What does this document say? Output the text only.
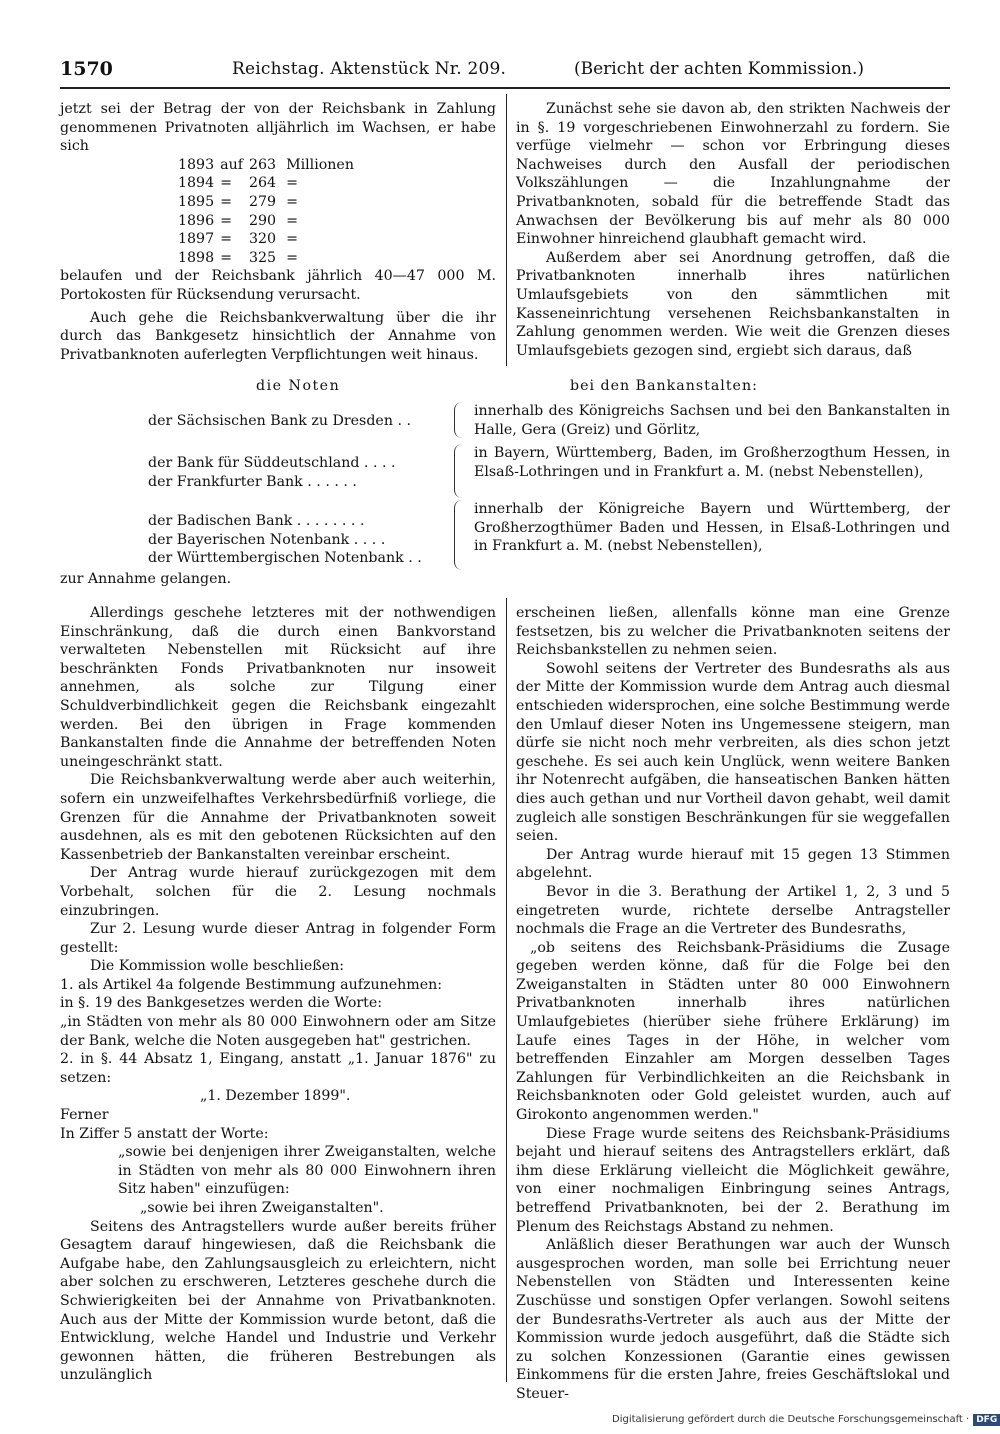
1570	Reichstag. Aktenstück Nr. 209.	(Bericht der achten Kommission.)

jetzt sei der Betrag der von der Reichsbank in Zahlung genommenen Privatnoten alljährlich im Wachsen, er habe sich

1893	auf	263	Millionen
1894	=	264	=
1895	=	279	=
1896	=	290	=
1897	=	320	=
1898	=	325	=

belaufen und der Reichsbank jährlich 40—47 000 M. Portokosten für Rücksendung verursacht.

Auch gehe die Reichsbankverwaltung über die ihr durch das Bankgesetz hinsichtlich der Annahme von Privatbanknoten auferlegten Verpflichtungen weit hinaus.

Zunächst sehe sie davon ab, den strikten Nachweis der in §. 19 vorgeschriebenen Einwohnerzahl zu fordern. Sie verfüge vielmehr — schon vor Erbringung dieses Nachweises durch den Ausfall der periodischen Volkszählungen — die Inzahlungnahme der Privatbanknoten, sobald für die betreffende Stadt das Anwachsen der Bevölkerung bis auf mehr als 80 000 Einwohner hinreichend glaubhaft gemacht wird.

Außerdem aber sei Anordnung getroffen, daß die Privatbanknoten innerhalb ihres natürlichen Umlaufsgebiets von den sämmtlichen mit Kasseneinrichtung versehenen Reichsbankanstalten in Zahlung genommen werden. Wie weit die Grenzen dieses Umlaufsgebiets gezogen sind, ergiebt sich daraus, daß

die Noten	bei den Bankanstalten:
der Sächsischen Bank zu Dresden . .

innerhalb des Königreichs Sachsen und bei den Bankanstalten in Halle, Gera (Greiz) und Görlitz,

der Bank für Süddeutschland . . . .
der Frankfurter Bank . . . . . .

in Bayern, Württemberg, Baden, im Großherzogthum Hessen, in Elsaß-Lothringen und in Frankfurt a. M. (nebst Nebenstellen),

der Badischen Bank . . . . . . . .
der Bayerischen Notenbank . . . .
der Württembergischen Notenbank . .

innerhalb der Königreiche Bayern und Württemberg, der Großherzogthümer Baden und Hessen, in Elsaß-Lothringen und in Frankfurt a. M. (nebst Nebenstellen),

zur Annahme gelangen.

Allerdings geschehe letzteres mit der nothwendigen Einschränkung, daß die durch einen Bankvorstand verwalteten Nebenstellen mit Rücksicht auf ihre beschränkten Fonds Privatbanknoten nur insoweit annehmen, als solche zur Tilgung einer Schuldverbindlichkeit gegen die Reichsbank eingezahlt werden. Bei den übrigen in Frage kommenden Bankanstalten finde die Annahme der betreffenden Noten uneingeschränkt statt.

Die Reichsbankverwaltung werde aber auch weiterhin, sofern ein unzweifelhaftes Verkehrsbedürfniß vorliege, die Grenzen für die Annahme der Privatbanknoten soweit ausdehnen, als es mit den gebotenen Rücksichten auf den Kassenbetrieb der Bankanstalten vereinbar erscheint.

Der Antrag wurde hierauf zurückgezogen mit dem Vorbehalt, solchen für die 2. Lesung nochmals einzubringen.

Zur 2. Lesung wurde dieser Antrag in folgender Form gestellt:

Die Kommission wolle beschließen:

1. als Artikel 4a folgende Bestimmung aufzunehmen:

in §. 19 des Bankgesetzes werden die Worte:

„in Städten von mehr als 80 000 Einwohnern oder am Sitze der Bank, welche die Noten ausgegeben hat" gestrichen.

2. in §. 44 Absatz 1, Eingang, anstatt „1. Januar 1876" zu setzen:

„1. Dezember 1899".

Ferner

In Ziffer 5 anstatt der Worte:

„sowie bei denjenigen ihrer Zweiganstalten, welche in Städten von mehr als 80 000 Einwohnern ihren Sitz haben" einzufügen:

„sowie bei ihren Zweiganstalten".

Seitens des Antragstellers wurde außer bereits früher Gesagtem darauf hingewiesen, daß die Reichsbank die Aufgabe habe, den Zahlungsausgleich zu erleichtern, nicht aber solchen zu erschweren, Letzteres geschehe durch die Schwierigkeiten bei der Annahme von Privatbanknoten. Auch aus der Mitte der Kommission wurde betont, daß die Entwicklung, welche Handel und Industrie und Verkehr gewonnen hätten, die früheren Bestrebungen als unzulänglich

erscheinen ließen, allenfalls könne man eine Grenze festsetzen, bis zu welcher die Privatbanknoten seitens der Reichsbankstellen zu nehmen seien.

Sowohl seitens der Vertreter des Bundesraths als aus der Mitte der Kommission wurde dem Antrag auch diesmal entschieden widersprochen, eine solche Bestimmung werde den Umlauf dieser Noten ins Ungemessene steigern, man dürfe sie nicht noch mehr verbreiten, als dies schon jetzt geschehe. Es sei auch kein Unglück, wenn weitere Banken ihr Notenrecht aufgäben, die hanseatischen Banken hätten dies auch gethan und nur Vortheil davon gehabt, weil damit zugleich alle sonstigen Beschränkungen für sie weggefallen seien.

Der Antrag wurde hierauf mit 15 gegen 13 Stimmen abgelehnt.

Bevor in die 3. Berathung der Artikel 1, 2, 3 und 5 eingetreten wurde, richtete derselbe Antragsteller nochmals die Frage an die Vertreter des Bundesraths,

„ob seitens des Reichsbank-Präsidiums die Zusage gegeben werden könne, daß für die Folge bei den Zweiganstalten in Städten unter 80 000 Einwohnern Privatbanknoten innerhalb ihres natürlichen Umlaufgebietes (hierüber siehe frühere Erklärung) im Laufe eines Tages in der Höhe, in welcher vom betreffenden Einzahler am Morgen desselben Tages Zahlungen für Verbindlichkeiten an die Reichsbank in Reichsbanknoten oder Gold geleistet wurden, auch auf Girokonto angenommen werden."

Diese Frage wurde seitens des Reichsbank-Präsidiums bejaht und hierauf seitens des Antragstellers erklärt, daß ihm diese Erklärung vielleicht die Möglichkeit gewähre, von einer nochmaligen Einbringung seines Antrags, betreffend Privatbanknoten, bei der 2. Berathung im Plenum des Reichstags Abstand zu nehmen.

Anläßlich dieser Berathungen war auch der Wunsch ausgesprochen worden, man solle bei Errichtung neuer Nebenstellen von Städten und Interessenten keine Zuschüsse und sonstigen Opfer verlangen. Sowohl seitens der Bundesraths-Vertreter als auch aus der Mitte der Kommission wurde jedoch ausgeführt, daß die Städte sich zu solchen Konzessionen (Garantie eines gewissen Einkommens für die ersten Jahre, freies Geschäftslokal und Steuer-

Digitalisierung gefördert durch die Deutsche Forschungsgemeinschaft · DFG
